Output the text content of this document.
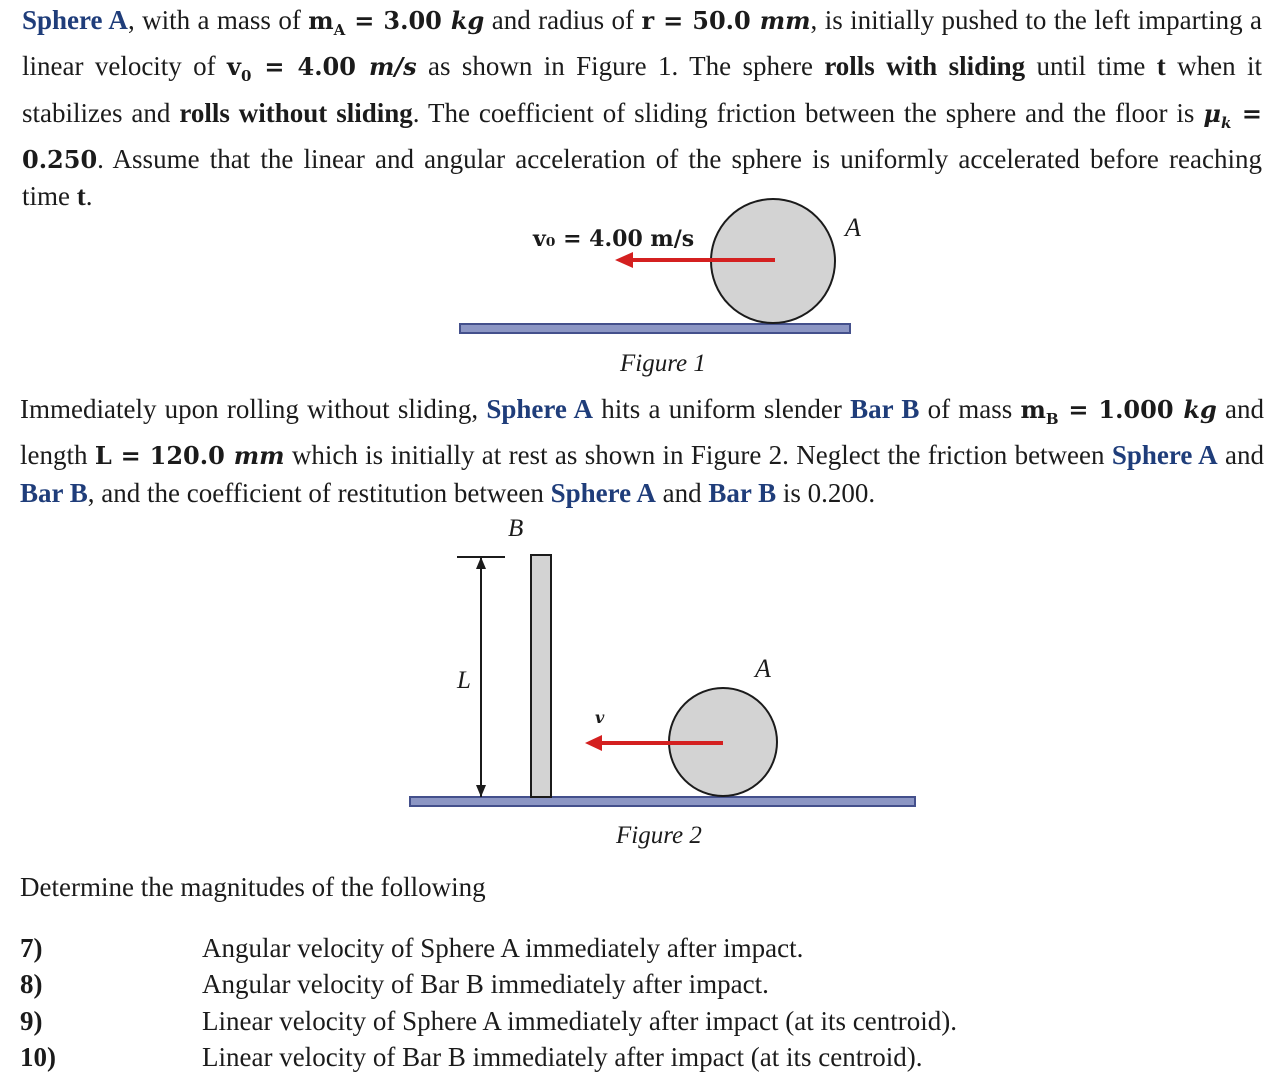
Sphere A, with a mass of $m_A = 3.00$ kg and radius of r = 50.0 mm, is initially pushed to the left imparting a linear velocity of $v_0 = 4.00$ m/s as shown in Figure 1. The sphere rolls with sliding until time t when it stabilizes and rolls without sliding. The coefficient of sliding friction between the sphere and the floor is $\mu_k = 0.250$. Assume that the linear and angular acceleration of the sphere is uniformly accelerated before reaching time t.
v₀ = 4.00 m/s	A
Figure 1
Immediately upon rolling without sliding, Sphere A hits a uniform slender Bar B of mass $m_B = 1.000$ kg and length L = 120.0 mm which is initially at rest as shown in Figure 2. Neglect the friction between Sphere A and Bar B, and the coefficient of restitution between Sphere A and Bar B is 0.200.
L
v
A
B
Figure 2
Determine the magnitudes of the following
7)	Angular velocity of Sphere A immediately after impact.
8)	Angular velocity of Bar B immediately after impact.
9)	Linear velocity of Sphere A immediately after impact (at its centroid).
10)	Linear velocity of Bar B immediately after impact (at its centroid).
